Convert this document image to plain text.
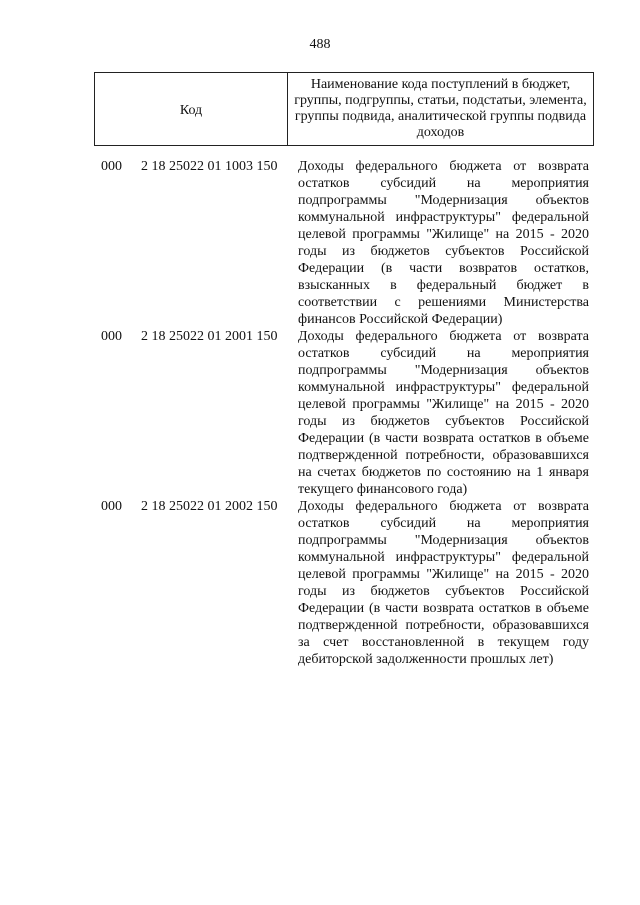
488
Код
Наименование кода поступлений в бюджет, группы, подгруппы, статьи, подстатьи, элемента, группы подвида, аналитической группы подвида доходов
000 2 18 25022 01 1003 150 Доходы федерального бюджета от возврата остатков субсидий на мероприятия подпрограммы "Модернизация объектов коммунальной инфраструктуры" федеральной целевой программы "Жилище" на 2015 - 2020 годы из бюджетов субъектов Российской Федерации (в части возвратов остатков, взысканных в федеральный бюджет в соответствии с решениями Министерства финансов Российской Федерации)
000 2 18 25022 01 2001 150 Доходы федерального бюджета от возврата остатков субсидий на мероприятия подпрограммы "Модернизация объектов коммунальной инфраструктуры" федеральной целевой программы "Жилище" на 2015 - 2020 годы из бюджетов субъектов Российской Федерации (в части возврата остатков в объеме подтвержденной потребности, образовавшихся на счетах бюджетов по состоянию на 1 января текущего финансового года)
000 2 18 25022 01 2002 150 Доходы федерального бюджета от возврата остатков субсидий на мероприятия подпрограммы "Модернизация объектов коммунальной инфраструктуры" федеральной целевой программы "Жилище" на 2015 - 2020 годы из бюджетов субъектов Российской Федерации (в части возврата остатков в объеме подтвержденной потребности, образовавшихся за счет восстановленной в текущем году дебиторской задолженности прошлых лет)
